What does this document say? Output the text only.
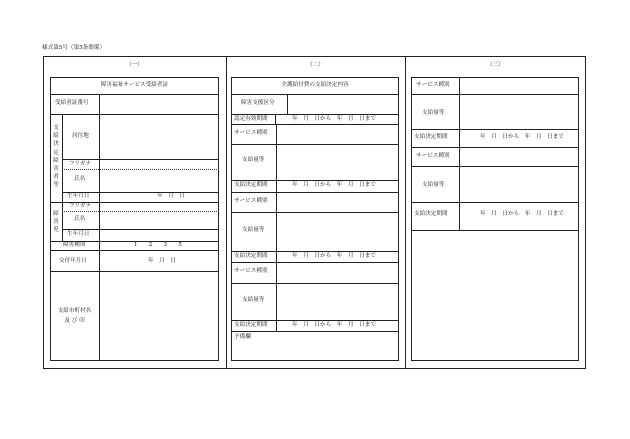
様式第5号（第5条関係）
（一）	（二）	（三）
障害福祉サービス受給者証
受給者証番号
支給決定障害者等
居住地
フリガナ
氏名
生年月日	年　月　日
障害児
フリガナ
氏名
生年月日
障害種別	1　　2　　3　　5
交付年月日	年　月　日
支給市町村名
及 び 印
介護給付費の支給決定内容
障害支援区分
認定有効期間	年　月　日から　年　月　日まで
サービス種別
支給量等
支給決定期間	年　月　日から　年　月　日まで
サービス種別
支給量等
支給決定期間	年　月　日から　年　月　日まで
サービス種別
支給量等
支給決定期間	年　月　日から　年　月　日まで
予備欄
サービス種別
支給量等
支給決定期間	年　月　日から　年　月　日まで
サービス種別
支給量等
支給決定期間	年　月　日から　年　月　日まで
